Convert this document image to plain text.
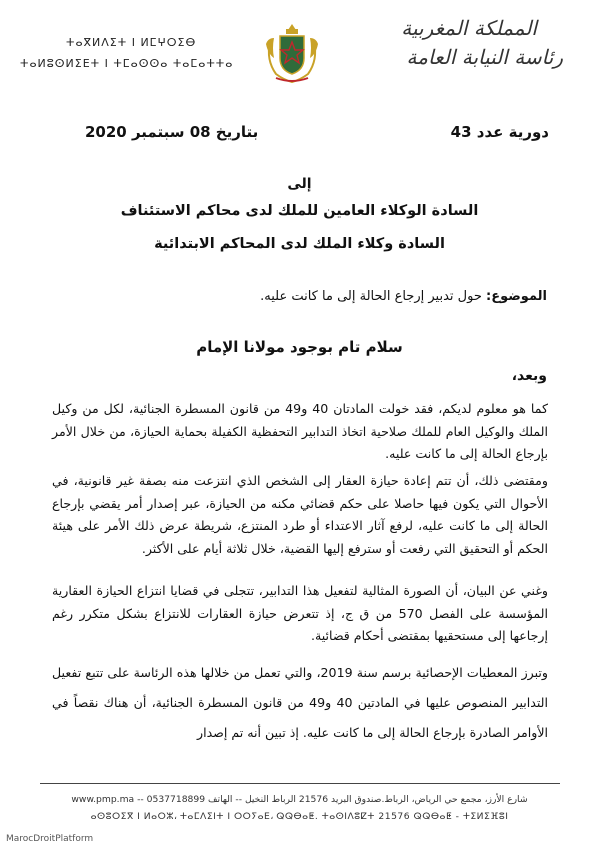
ⵜⴰⴳⵍⴷⵉⵜ ⵏ ⵍⵎⵖⵔⵉⴱ
ⵜⴰⵍⵓⵙⵍⵉⴹⵜ ⵏ ⵜⵎⴰⵙⵙⴰ ⵜⴰⵎⴰⵜⵜⴰ
المملكة المغربية
رئاسة النيابة العامة
دورية عدد 43
بتاريخ 08 سبتمبر 2020
إلى
السادة الوكلاء العامين للملك لدى محاكم الاستئناف
السادة وكلاء الملك لدى المحاكم الابتدائية
الموضوع: حول تدبير إرجاع الحالة إلى ما كانت عليه.
سلام تام بوجود مولانا الإمام
وبعد،

كما هو معلوم لديكم، فقد خولت المادتان 40 و49 من قانون المسطرة الجنائية، لكل من وكيل الملك والوكيل العام للملك صلاحية اتخاذ التدابير التحفظية الكفيلة بحماية الحيازة، من خلال الأمر بإرجاع الحالة إلى ما كانت عليه.

ومقتضى ذلك، أن تتم إعادة حيازة العقار إلى الشخص الذي انتزعت منه بصفة غير قانونية، في الأحوال التي يكون فيها حاصلا على حكم قضائي مكنه من الحيازة، عبر إصدار أمر يقضي بإرجاع الحالة إلى ما كانت عليه، لرفع آثار الاعتداء أو طرد المنتزع، شريطة عرض ذلك الأمر على هيئة الحكم أو التحقيق التي رفعت أو سترفع إليها القضية، خلال ثلاثة أيام على الأكثر.

وغني عن البيان، أن الصورة المثالية لتفعيل هذا التدابير، تتجلى في قضايا انتزاع الحيازة العقارية المؤسسة على الفصل 570 من ق ج، إذ تتعرض حيازة العقارات للانتزاع بشكل متكرر رغم إرجاعها إلى مستحقيها بمقتضى أحكام قضائية.

وتبرز المعطيات الإحصائية برسم سنة 2019، والتي تعمل من خلالها هذه الرئاسة على تتبع تفعيل التدابير المنصوص عليها في المادتين 40 و49 من قانون المسطرة الجنائية، أن هناك نقصاً في الأوامر الصادرة بإرجاع الحالة إلى ما كانت عليه. إذ تبين أنه تم إصدار

شارع الأرز، مجمع حي الرياض، الرباط.صندوق البريد 21576 الرباط النخيل -- الهاتف 0537718899 -- www.pmp.ma
ⴰⵙⵓⵔⵉⴳ ⵏ ⵍⴰⵔⵣ، ⵜⴰⵎⴷⵉⵏⵜ ⵏ ⵔⵔⵢⴰⴹ، ⵕⵕⴱⴰⵟ. ⵜⴰⵙⵏⴷⵓⵇⵜ 21576 ⵕⵕⴱⴰⵟ - ⵜⵉⵍⵉⴼⵓⵏ
MarocDroitPlatform
